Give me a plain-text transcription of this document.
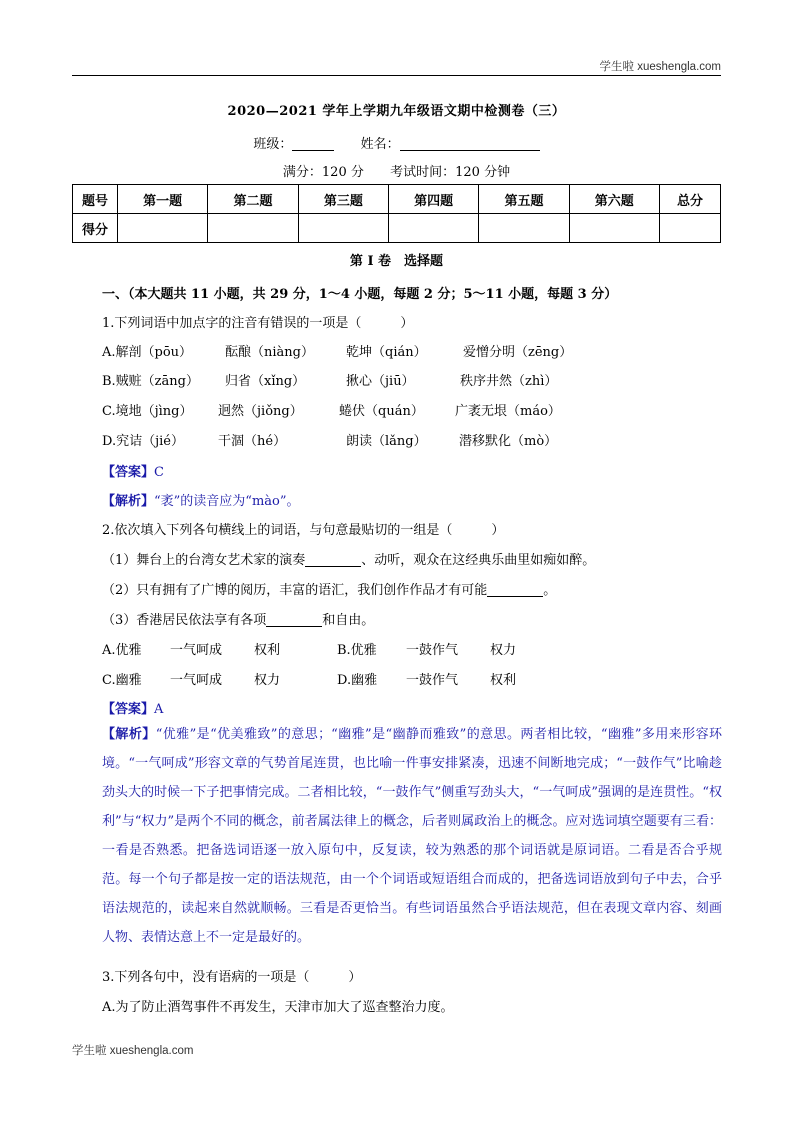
学生啦 xueshengla.com
2020—2021 学年上学期九年级语文期中检测卷（三）
班级：	姓名：
满分：120 分 考试时间：120 分钟
题号	第一题	第二题	第三题	第四题	第五题	第六题	总分
得分							
第 Ⅰ 卷　选择题
一、（本大题共 11 小题，共 29 分，1～4 小题，每题 2 分；5～11 小题，每题 3 分）
1.下列词语中加点字的注音有错误的一项是（　　　）
A.解剖（pōu）	酝酿（niàng） 乾坤（qián）	爱憎分明（zēng）
B.贼赃（zāng） 归省（xǐng）	揪心（jiū）	秩序井然（zhì）
C.境地（jìng） 迥然（jiǒng）	蜷伏（quán） 广袤无垠（máo）
D.究诘（jié）	干涸（hé）	朗读（lǎng） 潜移默化（mò）
【答案】C
【解析】“袤”的读音应为“mào”。
2.依次填入下列各句横线上的词语，与句意最贴切的一组是（　　　）
（1）舞台上的台湾女艺术家的演奏	、动听，观众在这经典乐曲里如痴如醉。
（2）只有拥有了广博的阅历，丰富的语汇，我们创作作品才有可能	。
（3）香港居民依法享有各项	和自由。
A.优雅 一气呵成 权利	B.优雅 一鼓作气 权力
C.幽雅 一气呵成 权力	D.幽雅 一鼓作气 权利
【答案】A
【解析】“优雅”是“优美雅致”的意思；“幽雅”是“幽静而雅致”的意思。两者相比较，“幽雅”多用来形容环境。“一气呵成”形容文章的气势首尾连贯，也比喻一件事安排紧凑，迅速不间断地完成；“一鼓作气”比喻趁劲头大的时候一下子把事情完成。二者相比较，“一鼓作气”侧重写劲头大，“一气呵成”强调的是连贯性。“权利”与“权力”是两个不同的概念，前者属法律上的概念，后者则属政治上的概念。应对选词填空题要有三看：一看是否熟悉。把备选词语逐一放入原句中，反复读，较为熟悉的那个词语就是原词语。二看是否合乎规范。每一个句子都是按一定的语法规范，由一个个词语或短语组合而成的，把备选词语放到句子中去，合乎语法规范的，读起来自然就顺畅。三看是否更恰当。有些词语虽然合乎语法规范，但在表现文章内容、刻画人物、表情达意上不一定是最好的。
3.下列各句中，没有语病的一项是（　　　）
A.为了防止酒驾事件不再发生，天津市加大了巡查整治力度。
学生啦 xueshengla.com
